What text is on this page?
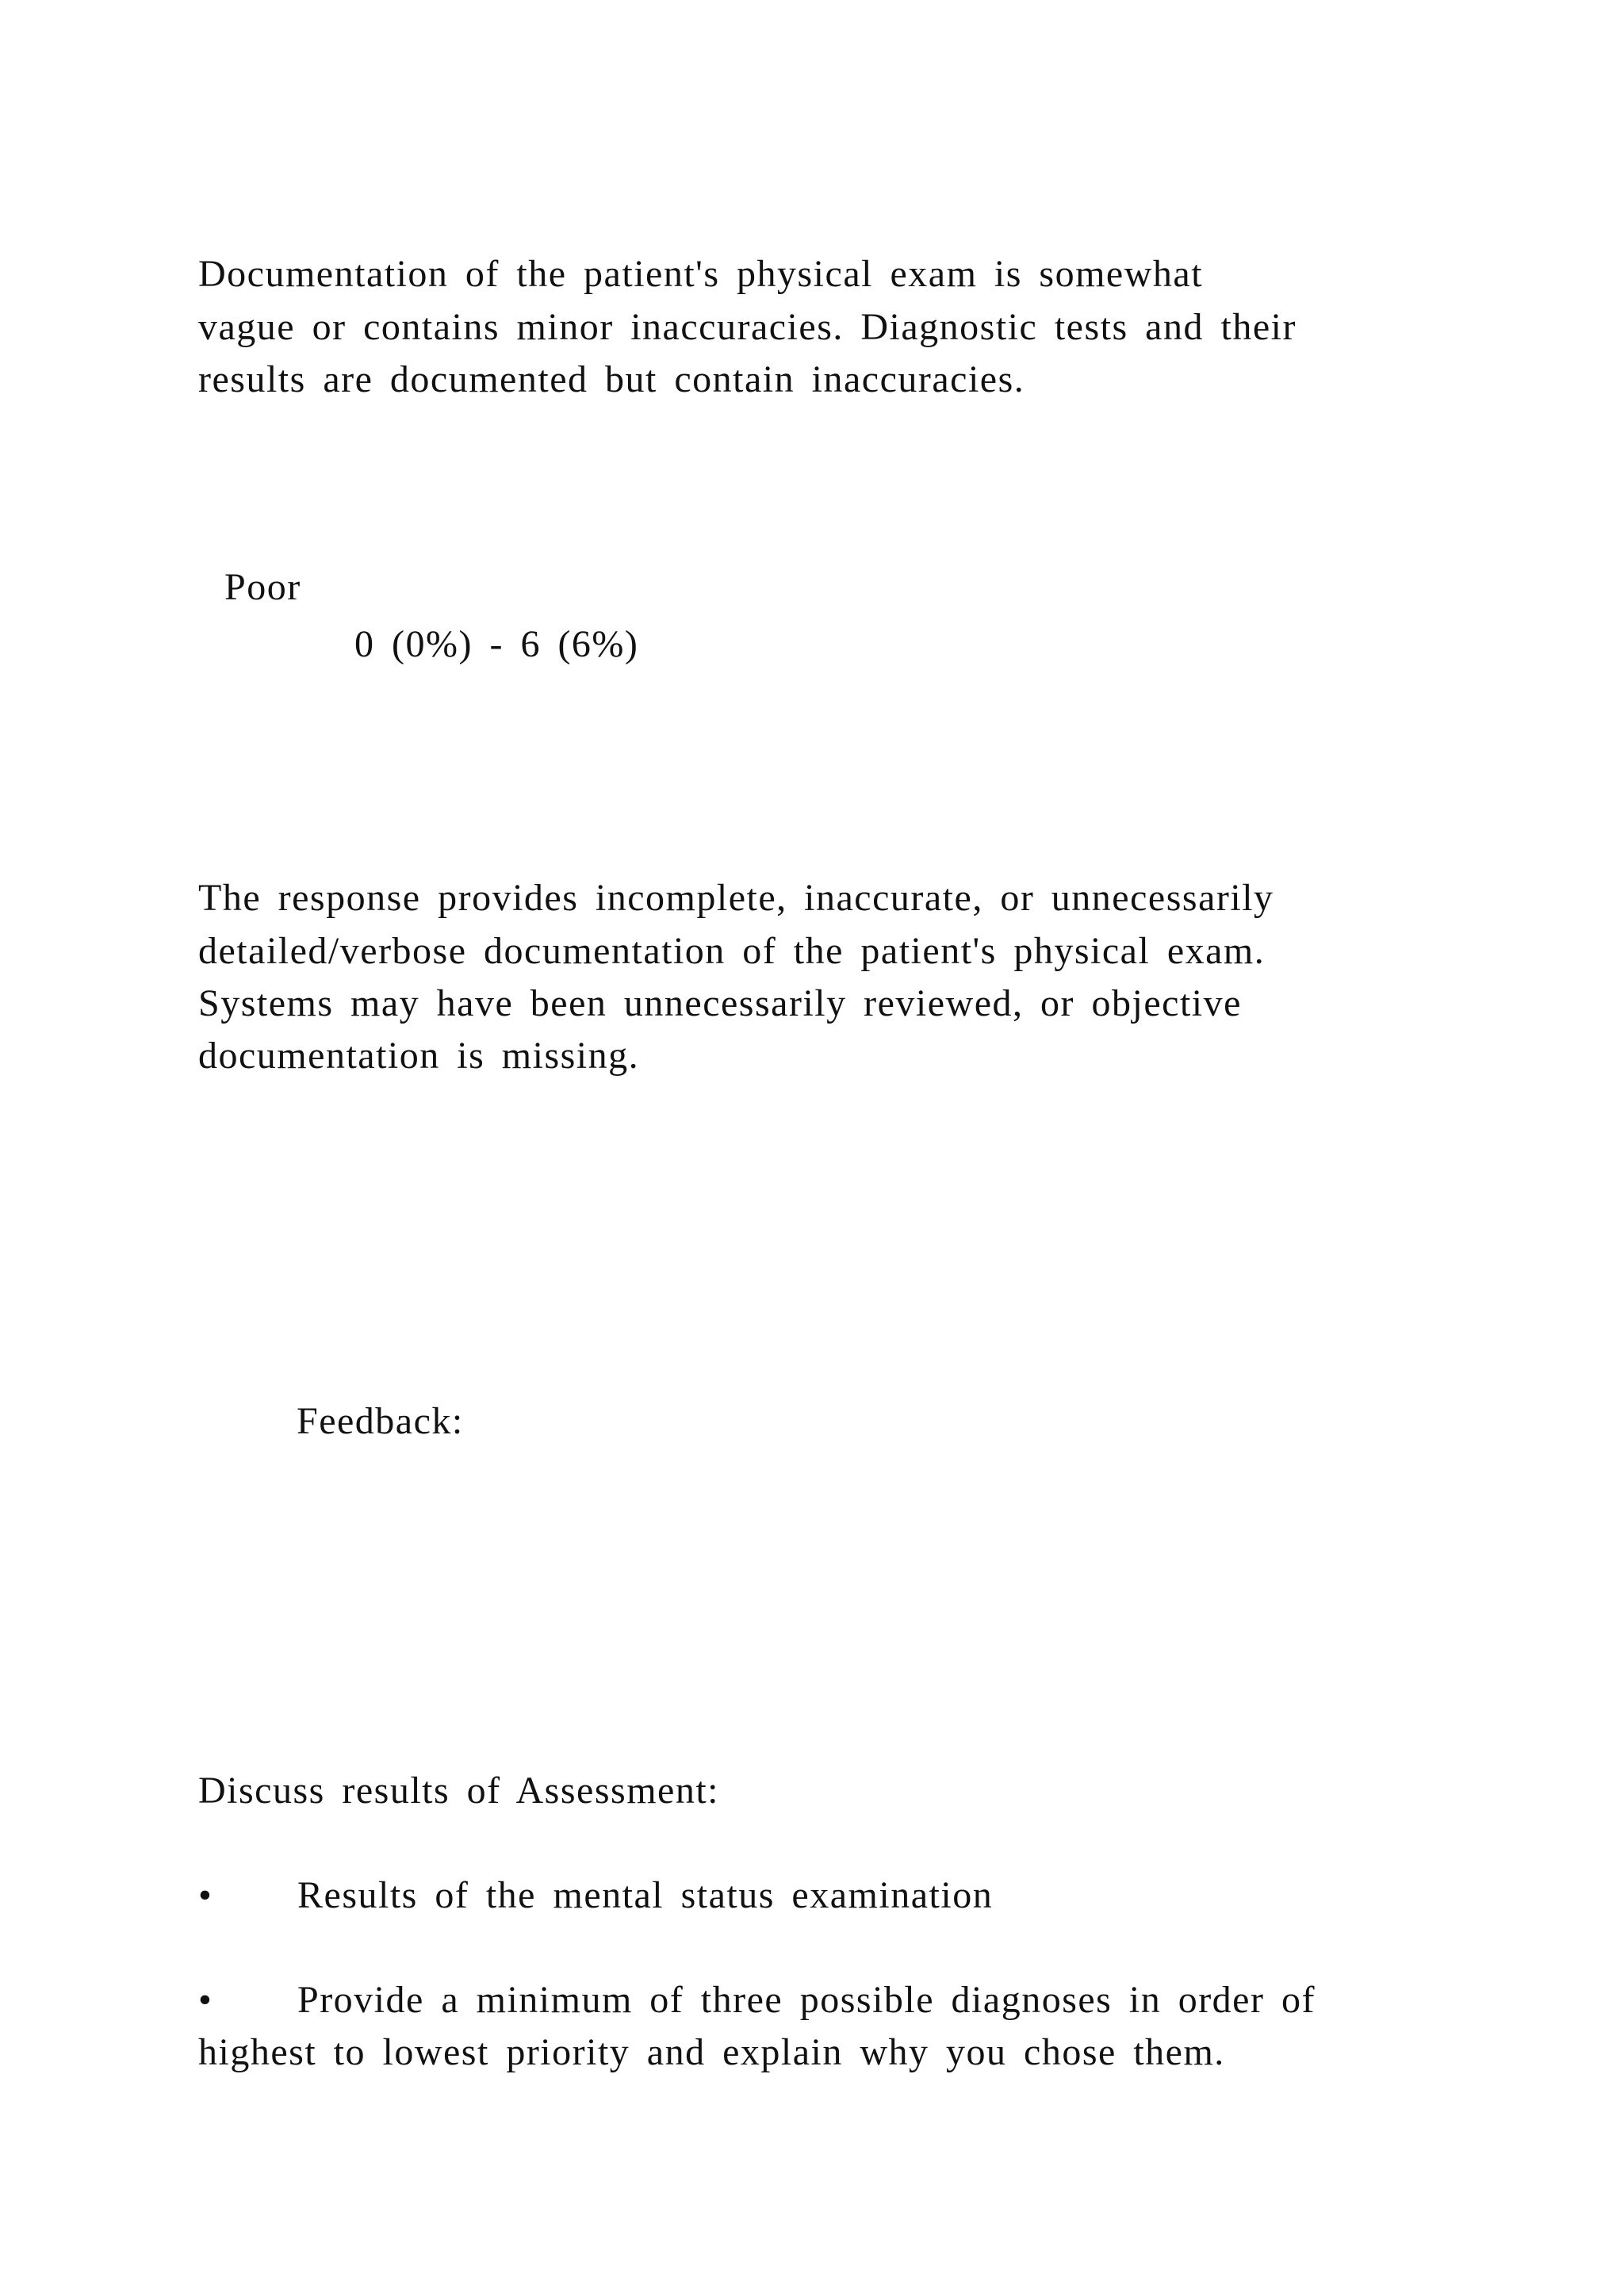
Documentation of the patient's physical exam is somewhat
vague or contains minor inaccuracies. Diagnostic tests and their
results are documented but contain inaccuracies.
Poor
0 (0%) - 6 (6%)
The response provides incomplete, inaccurate, or unnecessarily
detailed/verbose documentation of the patient's physical exam.
Systems may have been unnecessarily reviewed, or objective
documentation is missing.
Feedback:
Discuss results of Assessment:
• Results of the mental status examination
• Provide a minimum of three possible diagnoses in order of
highest to lowest priority and explain why you chose them.
